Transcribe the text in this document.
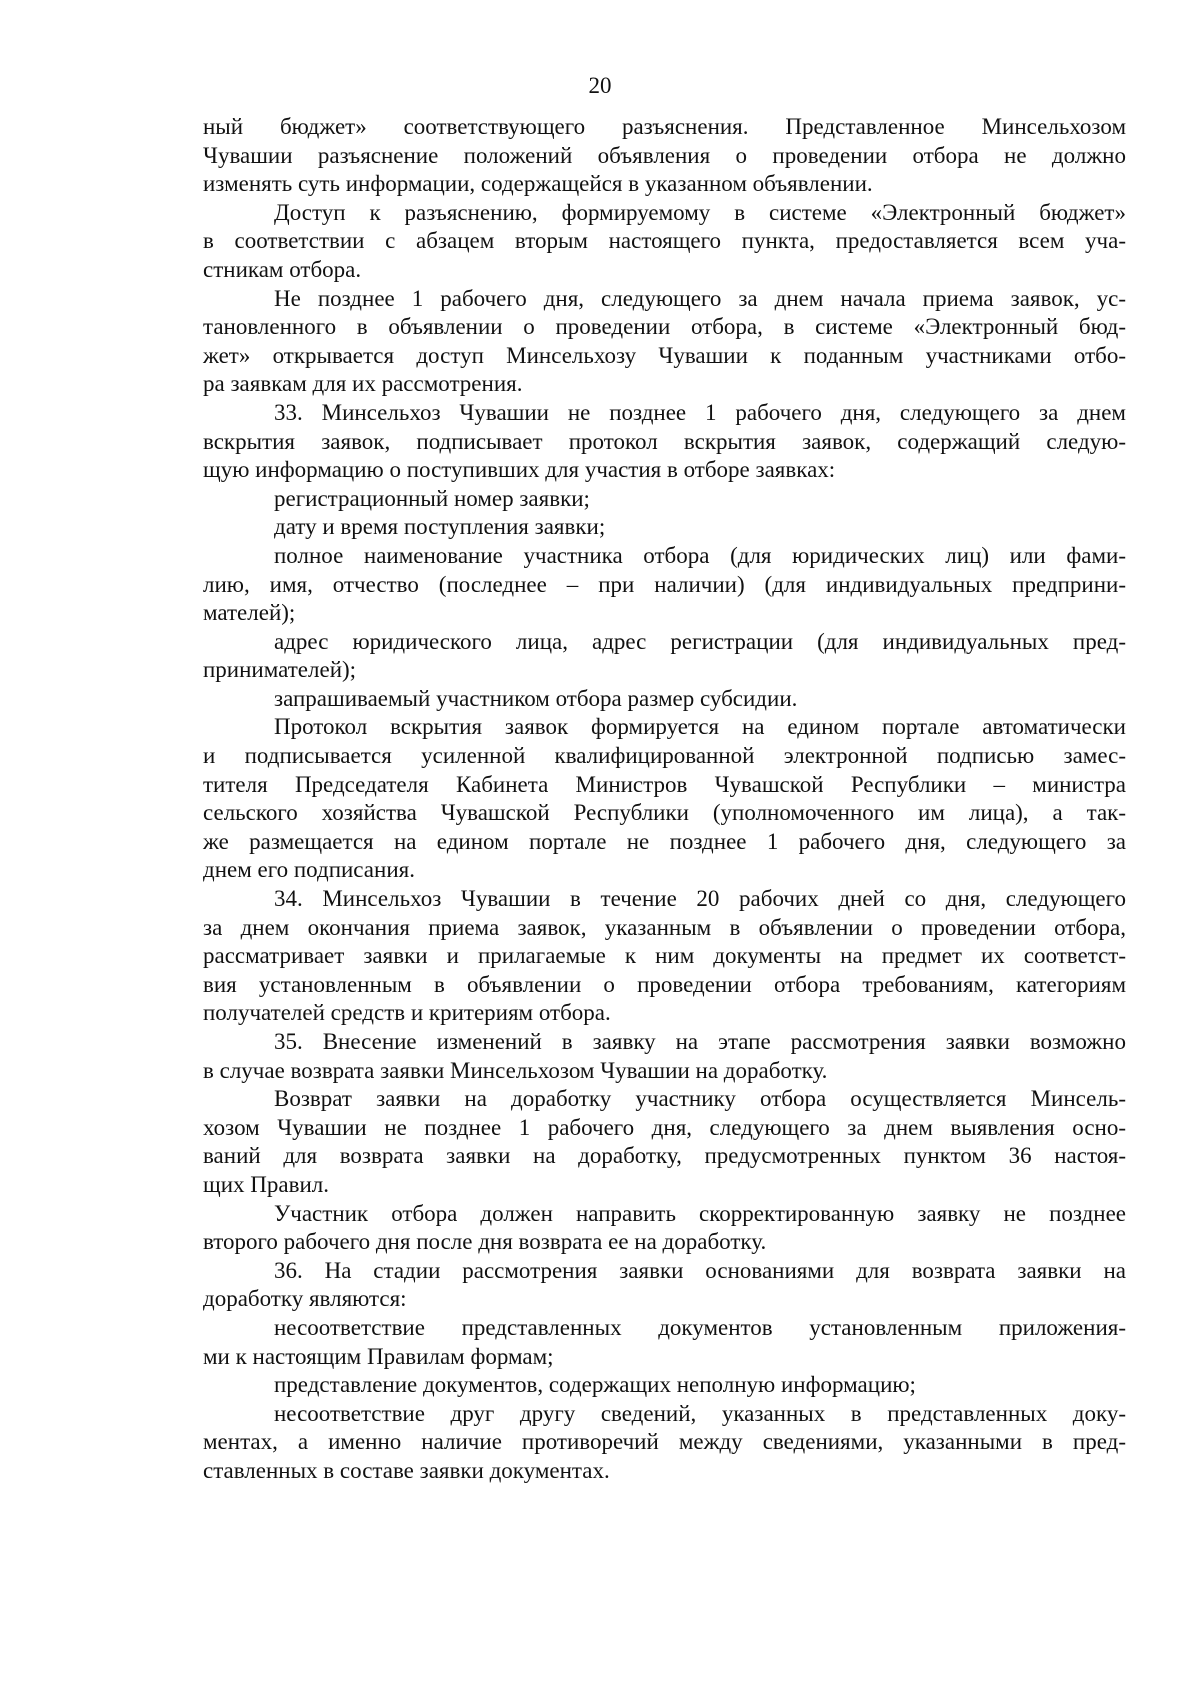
20
ный бюджет» соответствующего разъяснения. Представленное Минсельхозом
Чувашии разъяснение положений объявления о проведении отбора не должно
изменять суть информации, содержащейся в указанном объявлении.
Доступ к разъяснению, формируемому в системе «Электронный бюджет»
в соответствии с абзацем вторым настоящего пункта, предоставляется всем уча-
стникам отбора.
Не позднее 1 рабочего дня, следующего за днем начала приема заявок, ус-
тановленного в объявлении о проведении отбора, в системе «Электронный бюд-
жет» открывается доступ Минсельхозу Чувашии к поданным участниками отбо-
ра заявкам для их рассмотрения.
33. Минсельхоз Чувашии не позднее 1 рабочего дня, следующего за днем
вскрытия заявок, подписывает протокол вскрытия заявок, содержащий следую-
щую информацию о поступивших для участия в отборе заявках:
регистрационный номер заявки;
дату и время поступления заявки;
полное наименование участника отбора (для юридических лиц) или фами-
лию, имя, отчество (последнее – при наличии) (для индивидуальных предприни-
мателей);
адрес юридического лица, адрес регистрации (для индивидуальных пред-
принимателей);
запрашиваемый участником отбора размер субсидии.
Протокол вскрытия заявок формируется на едином портале автоматически
и подписывается усиленной квалифицированной электронной подписью замес-
тителя Председателя Кабинета Министров Чувашской Республики – министра
сельского хозяйства Чувашской Республики (уполномоченного им лица), а так-
же размещается на едином портале не позднее 1 рабочего дня, следующего за
днем его подписания.
34. Минсельхоз Чувашии в течение 20 рабочих дней со дня, следующего
за днем окончания приема заявок, указанным в объявлении о проведении отбора,
рассматривает заявки и прилагаемые к ним документы на предмет их соответст-
вия установленным в объявлении о проведении отбора требованиям, категориям
получателей средств и критериям отбора.
35. Внесение изменений в заявку на этапе рассмотрения заявки возможно
в случае возврата заявки Минсельхозом Чувашии на доработку.
Возврат заявки на доработку участнику отбора осуществляется Минсель-
хозом Чувашии не позднее 1 рабочего дня, следующего за днем выявления осно-
ваний для возврата заявки на доработку, предусмотренных пунктом 36 настоя-
щих Правил.
Участник отбора должен направить скорректированную заявку не позднее
второго рабочего дня после дня возврата ее на доработку.
36. На стадии рассмотрения заявки основаниями для возврата заявки на
доработку являются:
несоответствие представленных документов установленным приложения-
ми к настоящим Правилам формам;
представление документов, содержащих неполную информацию;
несоответствие друг другу сведений, указанных в представленных доку-
ментах, а именно наличие противоречий между сведениями, указанными в пред-
ставленных в составе заявки документах.
